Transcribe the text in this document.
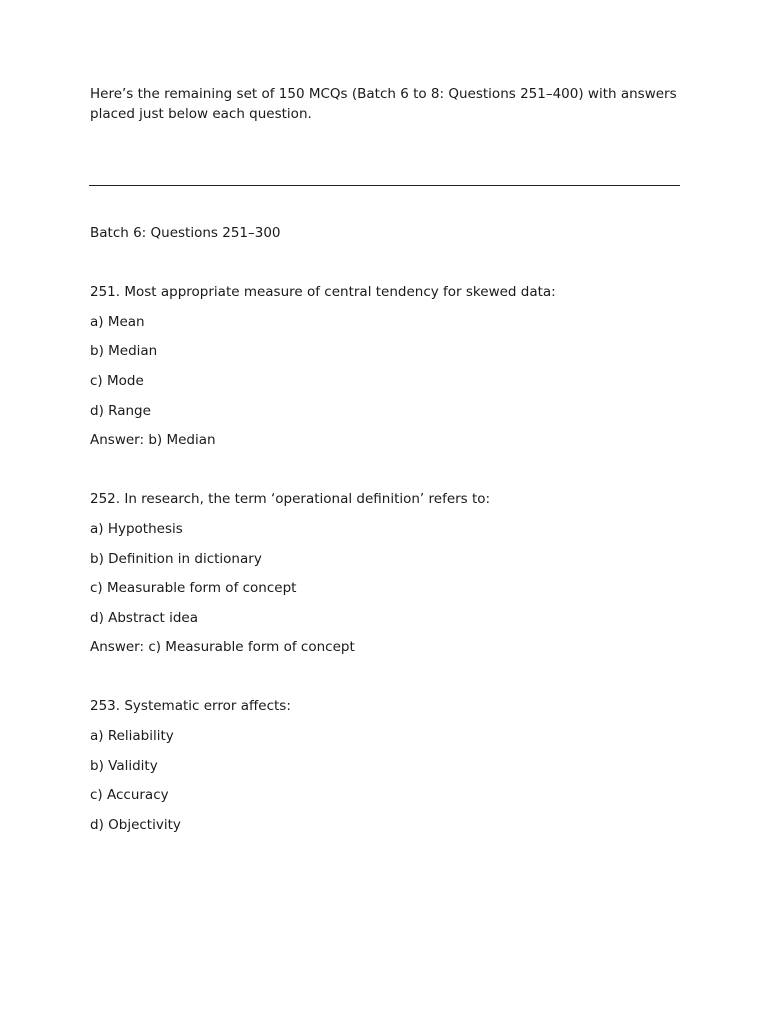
Here’s the remaining set of 150 MCQs (Batch 6 to 8: Questions 251–400) with answers placed just below each question.
Batch 6: Questions 251–300
251. Most appropriate measure of central tendency for skewed data:
a) Mean
b) Median
c) Mode
d) Range
Answer: b) Median
252. In research, the term ‘operational definition’ refers to:
a) Hypothesis
b) Definition in dictionary
c) Measurable form of concept
d) Abstract idea
Answer: c) Measurable form of concept
253. Systematic error affects:
a) Reliability
b) Validity
c) Accuracy
d) Objectivity
